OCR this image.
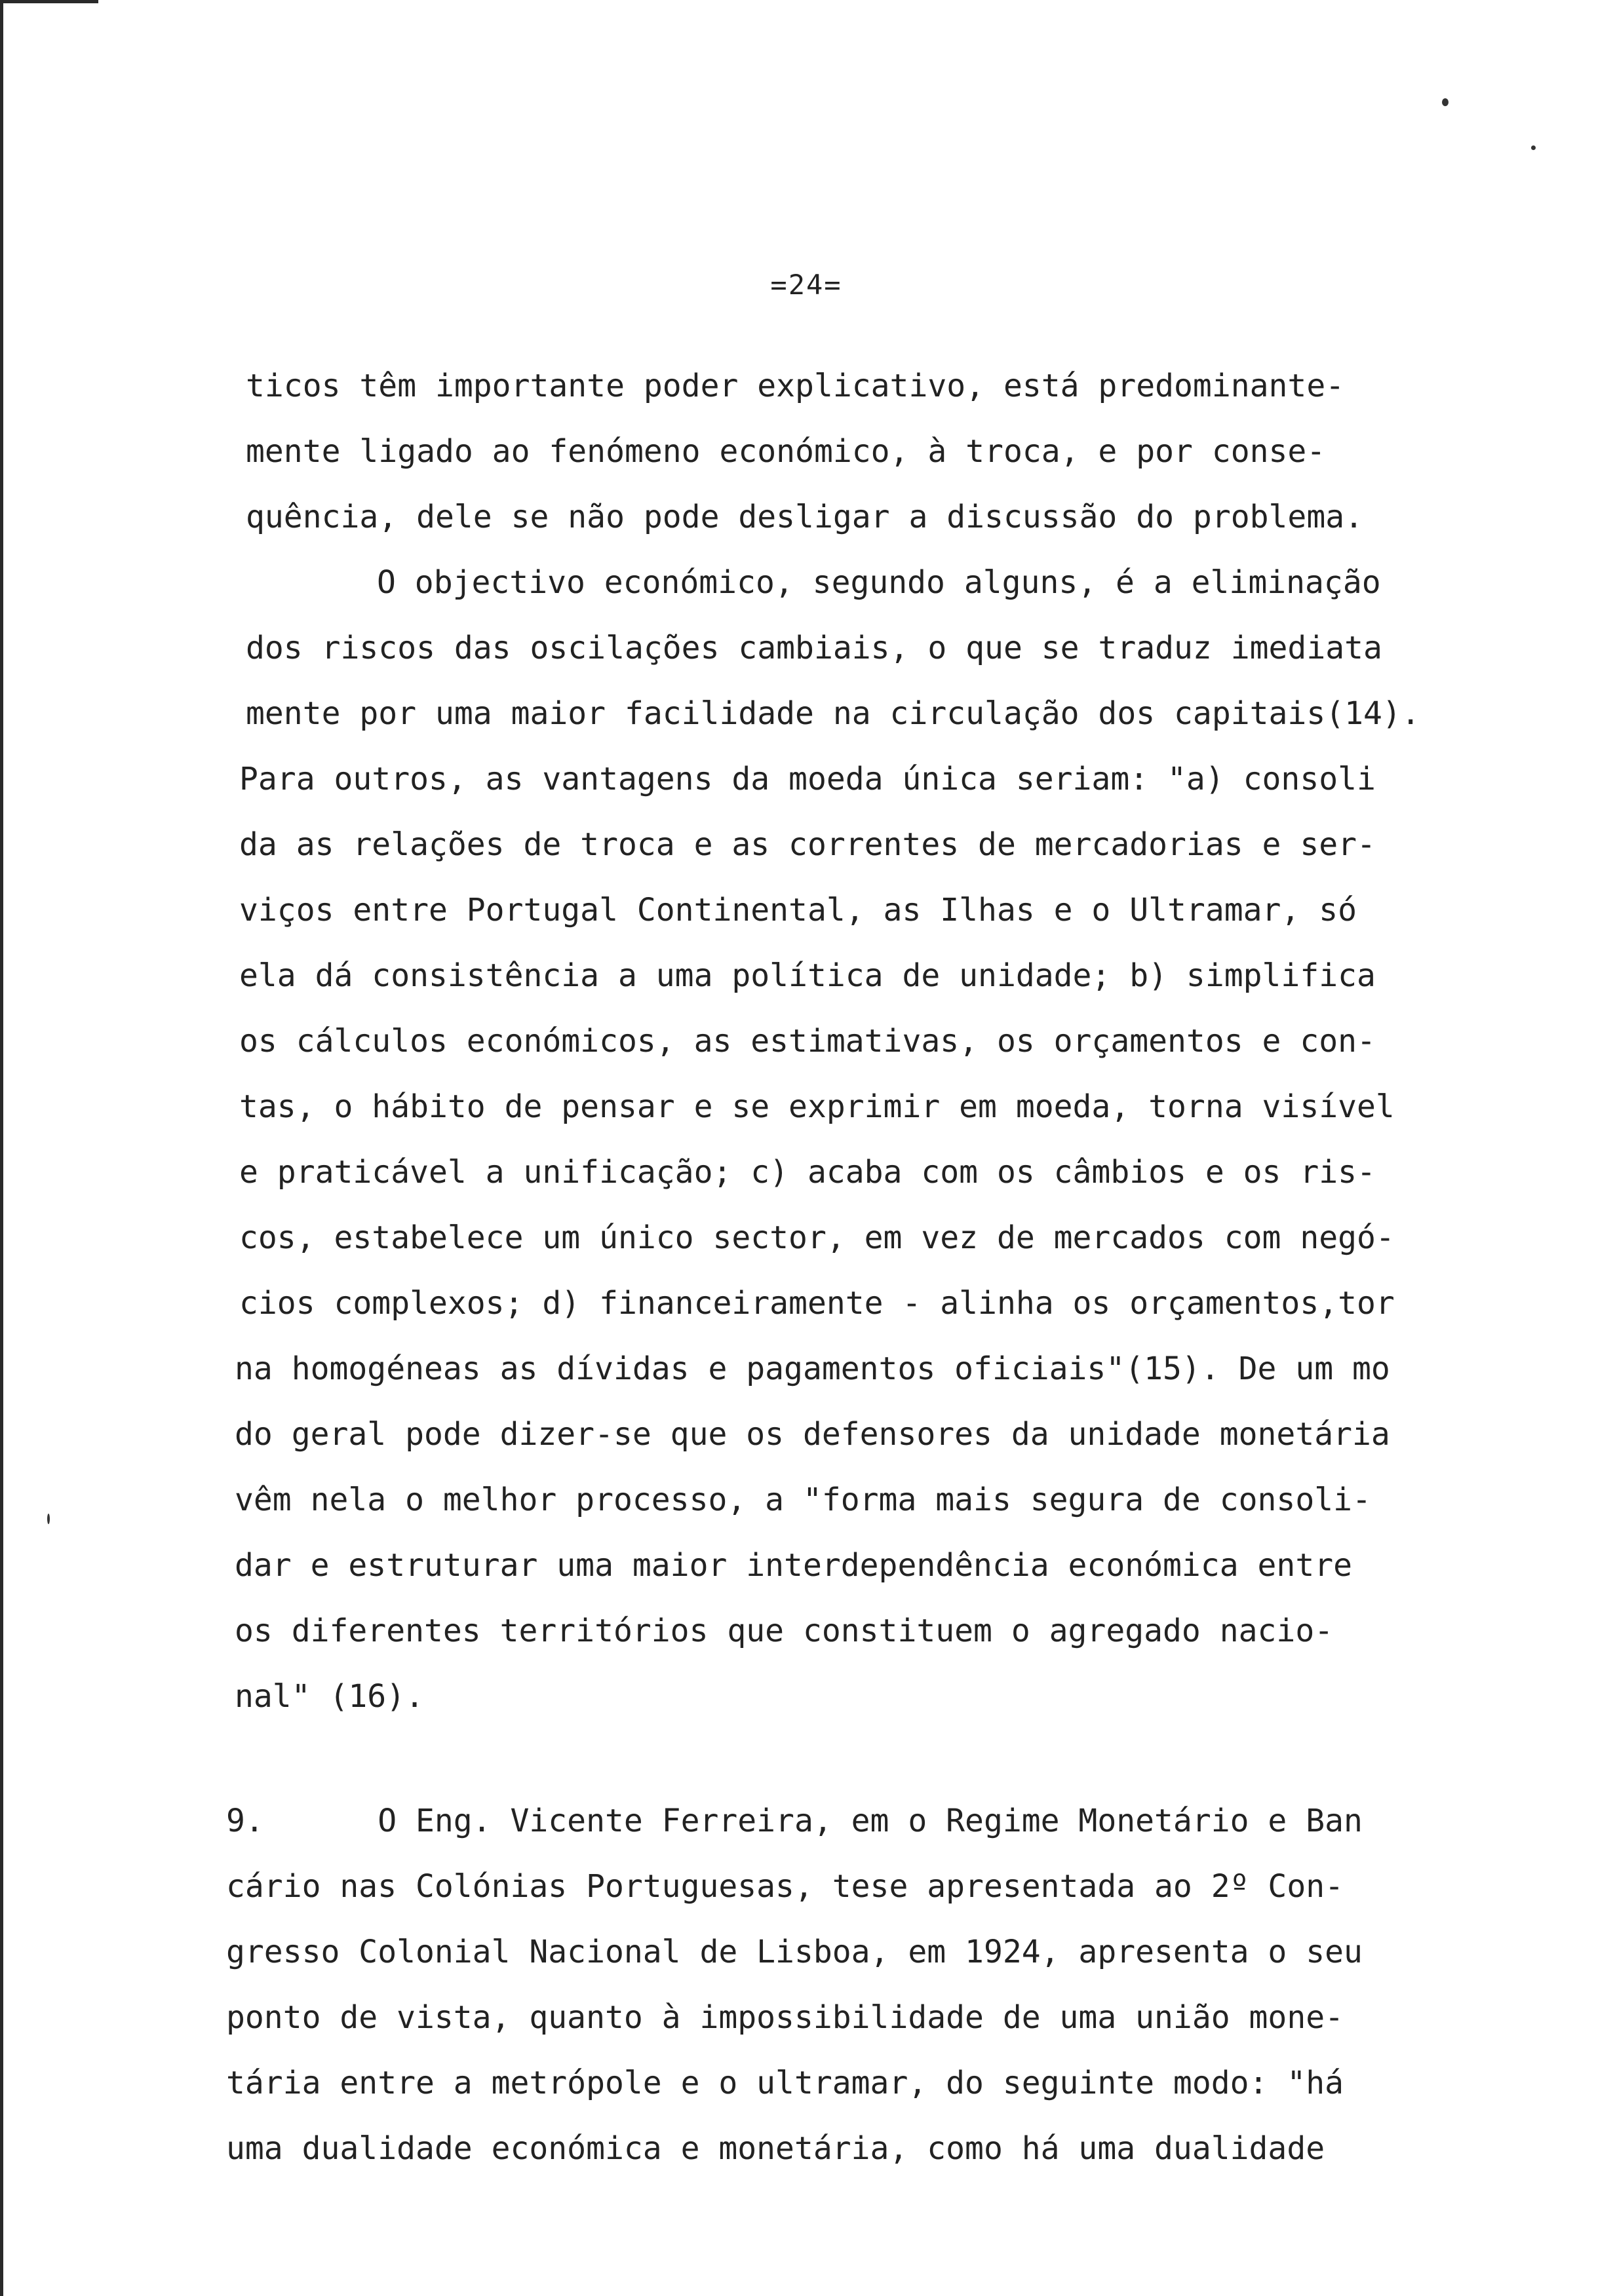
=24=
ticos têm importante poder explicativo, está predominante-
mente ligado ao fenómeno económico, à troca, e por conse-
quência, dele se não pode desligar a discussão do problema.
O objectivo económico, segundo alguns, é a eliminação
dos riscos das oscilações cambiais, o que se traduz imediata
mente por uma maior facilidade na circulação dos capitais(14).
Para outros, as vantagens da moeda única seriam: "a) consoli
da as relações de troca e as correntes de mercadorias e ser-
viços entre Portugal Continental, as Ilhas e o Ultramar, só
ela dá consistência a uma política de unidade; b) simplifica
os cálculos económicos, as estimativas, os orçamentos e con-
tas, o hábito de pensar e se exprimir em moeda, torna visível
e praticável a unificação; c) acaba com os câmbios e os ris-
cos, estabelece um único sector, em vez de mercados com negó-
cios complexos; d) financeiramente - alinha os orçamentos,tor
na homogéneas as dívidas e pagamentos oficiais"(15). De um mo
do geral pode dizer-se que os defensores da unidade monetária
vêm nela o melhor processo, a "forma mais segura de consoli-
dar e estruturar uma maior interdependência económica entre
os diferentes territórios que constituem o agregado nacio-
nal" (16).
9.      O Eng. Vicente Ferreira, em o Regime Monetário e Ban
cário nas Colónias Portuguesas, tese apresentada ao 2º Con-
gresso Colonial Nacional de Lisboa, em 1924, apresenta o seu
ponto de vista, quanto à impossibilidade de uma união mone-
tária entre a metrópole e o ultramar, do seguinte modo: "há
uma dualidade económica e monetária, como há uma dualidade
